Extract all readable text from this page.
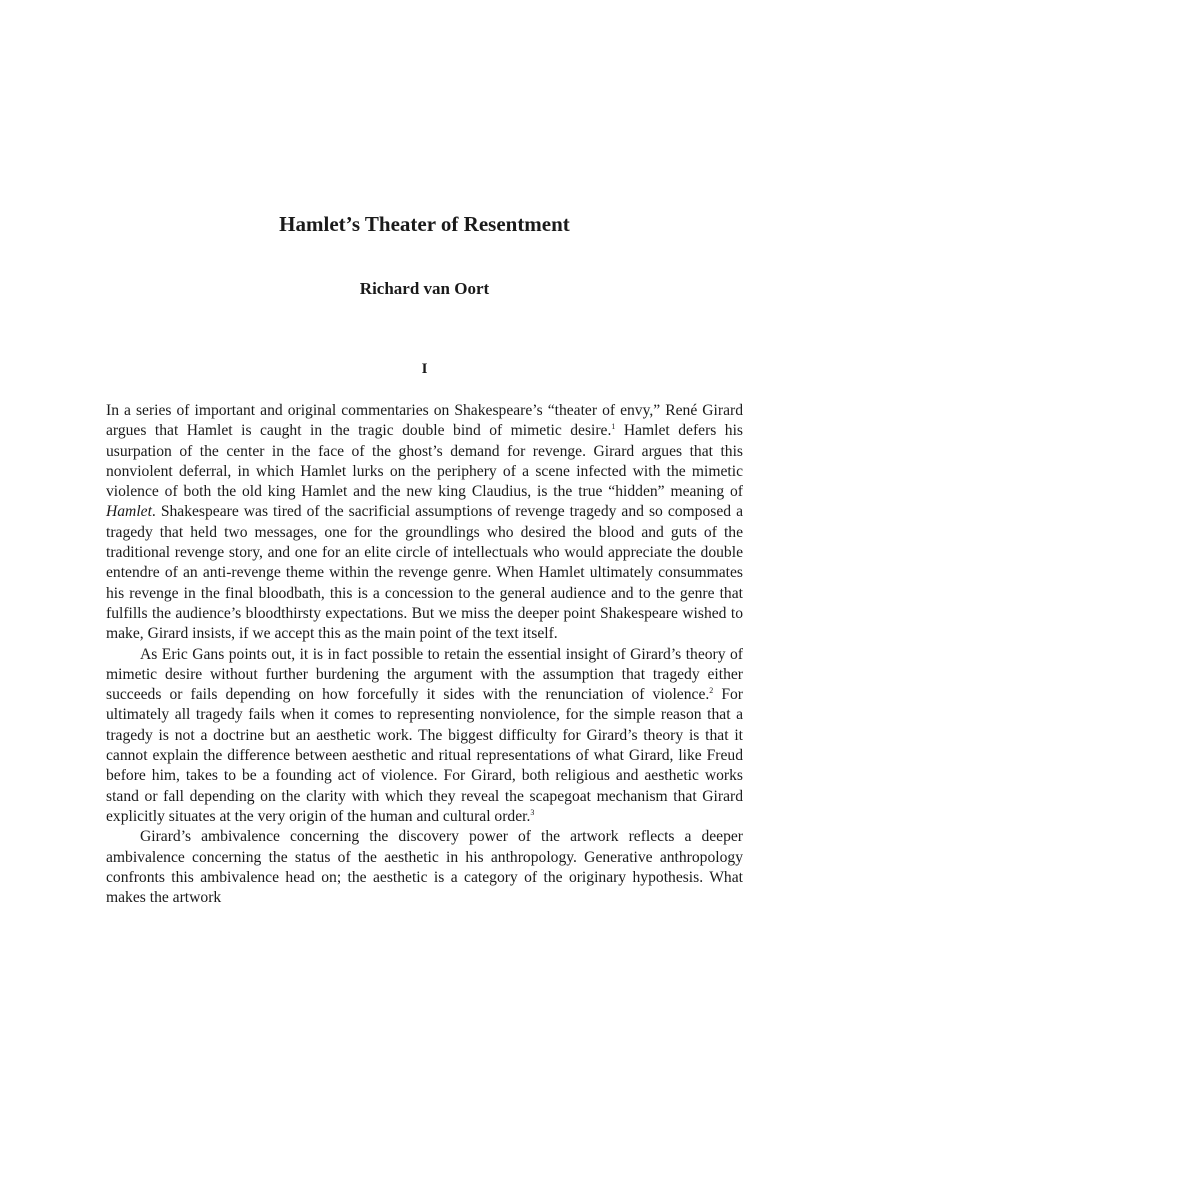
Hamlet’s Theater of Resentment
Richard van Oort
I

In a series of important and original commentaries on Shakespeare’s “theater of envy,” René Girard argues that Hamlet is caught in the tragic double bind of mimetic desire.$^1$ Hamlet defers his usurpation of the center in the face of the ghost’s demand for revenge. Girard argues that this nonviolent deferral, in which Hamlet lurks on the periphery of a scene infected with the mimetic violence of both the old king Hamlet and the new king Claudius, is the true “hidden” meaning of Hamlet. Shakespeare was tired of the sacrificial assumptions of revenge tragedy and so composed a tragedy that held two messages, one for the groundlings who desired the blood and guts of the traditional revenge story, and one for an elite circle of intellectuals who would appreciate the double entendre of an anti-revenge theme within the revenge genre. When Hamlet ultimately consummates his revenge in the final bloodbath, this is a concession to the general audience and to the genre that fulfills the audience’s bloodthirsty expectations. But we miss the deeper point Shakespeare wished to make, Girard insists, if we accept this as the main point of the text itself.

As Eric Gans points out, it is in fact possible to retain the essential insight of Girard’s theory of mimetic desire without further burdening the argument with the assumption that tragedy either succeeds or fails depending on how forcefully it sides with the renunciation of violence.$^2$ For ultimately all tragedy fails when it comes to representing nonviolence, for the simple reason that a tragedy is not a doctrine but an aesthetic work. The biggest difficulty for Girard’s theory is that it cannot explain the difference between aesthetic and ritual representations of what Girard, like Freud before him, takes to be a founding act of violence. For Girard, both religious and aesthetic works stand or fall depending on the clarity with which they reveal the scapegoat mechanism that Girard explicitly situates at the very origin of the human and cultural order.$^3$

Girard’s ambivalence concerning the discovery power of the artwork reflects a deeper ambivalence concerning the status of the aesthetic in his anthropology. Generative anthropology confronts this ambivalence head on; the aesthetic is a category of the originary hypothesis. What makes the artwork
